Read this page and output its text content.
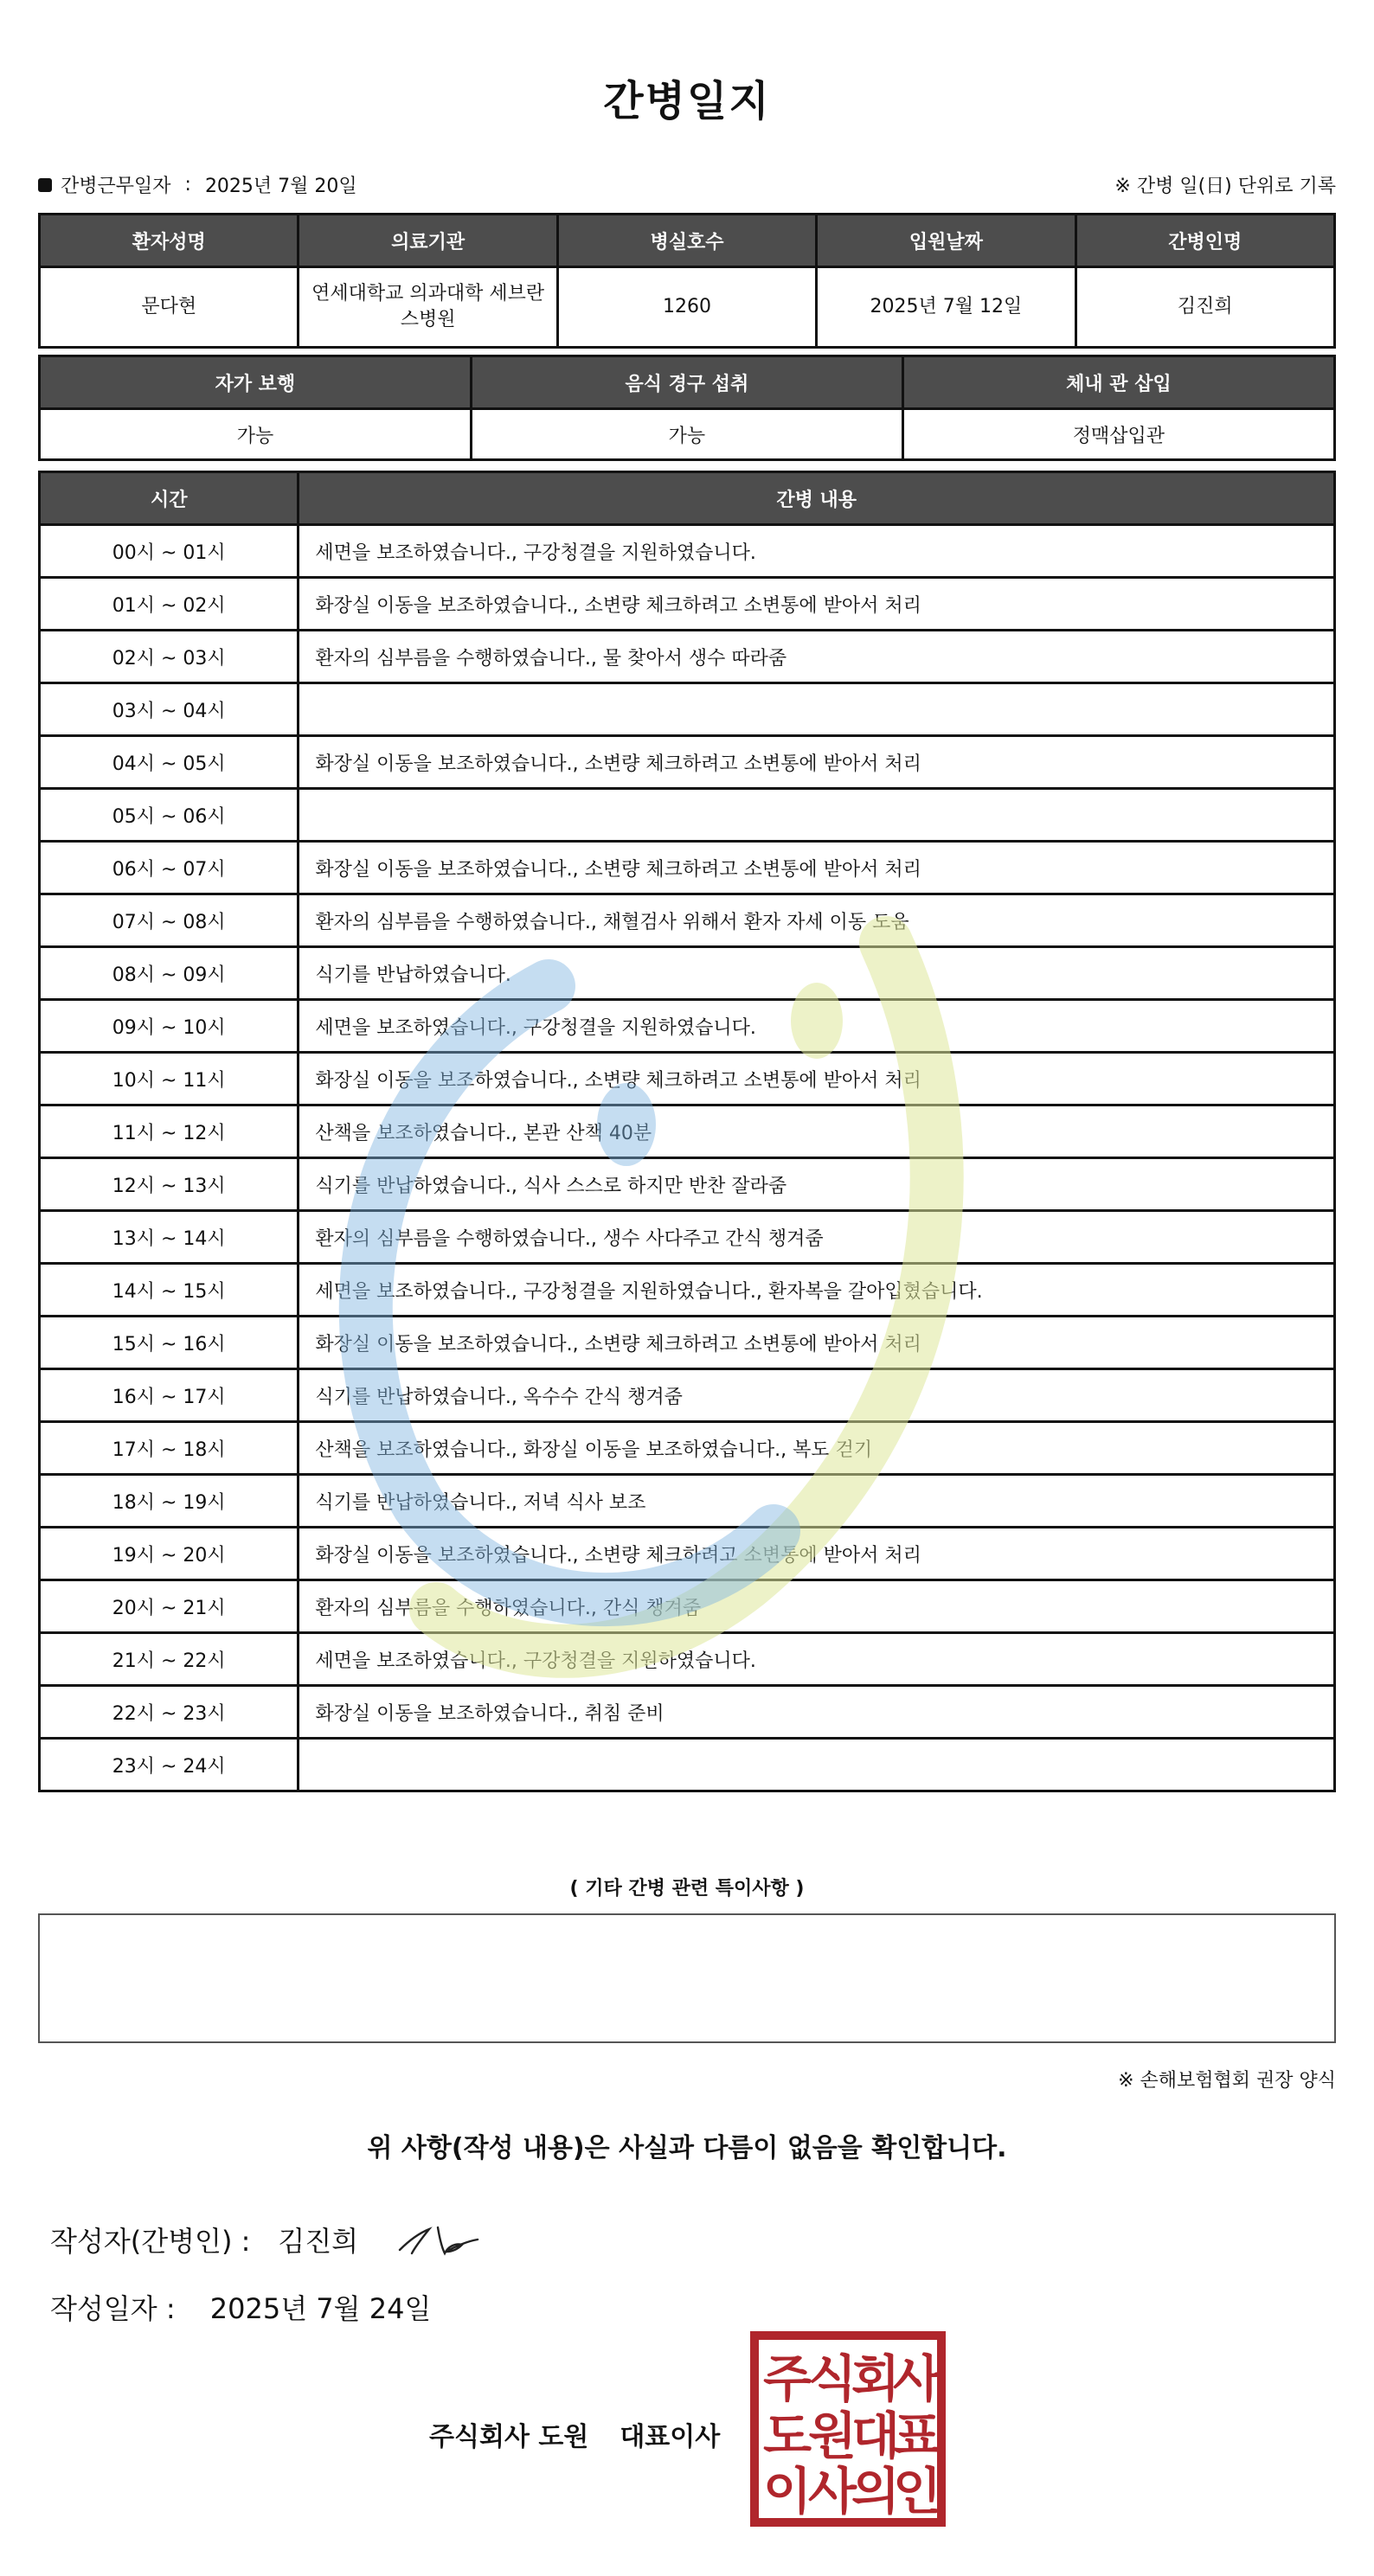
간병일지
간병근무일자 : 2025년 7월 20일	※ 간병 일(日) 단위로 기록
환자성명	의료기관	병실호수	입원날짜	간병인명
문다현	연세대학교 의과대학 세브란스병원	1260	2025년 7월 12일	김진희
자가 보행	음식 경구 섭취	체내 관 삽입
가능	가능	정맥삽입관
시간	간병 내용
00시 ~ 01시	세면을 보조하였습니다., 구강청결을 지원하였습니다.
01시 ~ 02시	화장실 이동을 보조하였습니다., 소변량 체크하려고 소변통에 받아서 처리
02시 ~ 03시	환자의 심부름을 수행하였습니다., 물 찾아서 생수 따라줌
03시 ~ 04시	
04시 ~ 05시	화장실 이동을 보조하였습니다., 소변량 체크하려고 소변통에 받아서 처리
05시 ~ 06시	
06시 ~ 07시	화장실 이동을 보조하였습니다., 소변량 체크하려고 소변통에 받아서 처리
07시 ~ 08시	환자의 심부름을 수행하였습니다., 채혈검사 위해서 환자 자세 이동 도움
08시 ~ 09시	식기를 반납하였습니다.
09시 ~ 10시	세면을 보조하였습니다., 구강청결을 지원하였습니다.
10시 ~ 11시	화장실 이동을 보조하였습니다., 소변량 체크하려고 소변통에 받아서 처리
11시 ~ 12시	산책을 보조하였습니다., 본관 산책 40분
12시 ~ 13시	식기를 반납하였습니다., 식사 스스로 하지만 반찬 잘라줌
13시 ~ 14시	환자의 심부름을 수행하였습니다., 생수 사다주고 간식 챙겨줌
14시 ~ 15시	세면을 보조하였습니다., 구강청결을 지원하였습니다., 환자복을 갈아입혔습니다.
15시 ~ 16시	화장실 이동을 보조하였습니다., 소변량 체크하려고 소변통에 받아서 처리
16시 ~ 17시	식기를 반납하였습니다., 옥수수 간식 챙겨줌
17시 ~ 18시	산책을 보조하였습니다., 화장실 이동을 보조하였습니다., 복도 걷기
18시 ~ 19시	식기를 반납하였습니다., 저녁 식사 보조
19시 ~ 20시	화장실 이동을 보조하였습니다., 소변량 체크하려고 소변통에 받아서 처리
20시 ~ 21시	환자의 심부름을 수행하였습니다., 간식 챙겨줌
21시 ~ 22시	세면을 보조하였습니다., 구강청결을 지원하였습니다.
22시 ~ 23시	화장실 이동을 보조하였습니다., 취침 준비
23시 ~ 24시	
( 기타 간병 관련 특이사항 )
※ 손해보험협회 권장 양식
위 사항(작성 내용)은 사실과 다름이 없음을 확인합니다.
작성자(간병인) : 김진희
작성일자 : 2025년 7월 24일
주식회사 도원 대표이사
주
식
회
사
도
원
대
표
이
사
의
인
